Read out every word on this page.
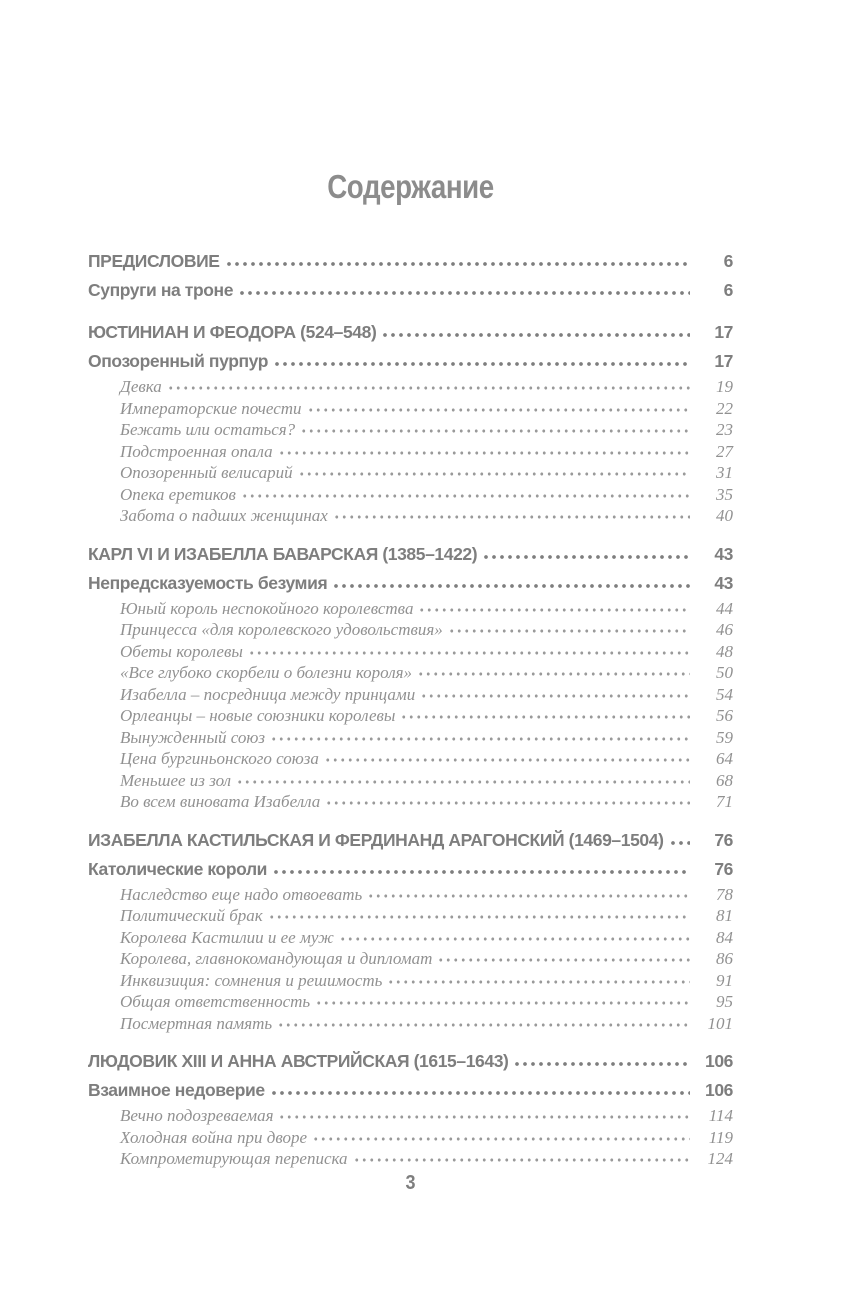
Содержание
ПРЕДИСЛОВИЕ	6
Супруги на троне	6
ЮСТИНИАН И ФЕОДОРА (524–548)	17
Опозоренный пурпур	17
Девка	19
Императорские почести	22
Бежать или остаться?	23
Подстроенная опала	27
Опозоренный велисарий	31
Опека еретиков	35
Забота о падших женщинах	40
КАРЛ VI И ИЗАБЕЛЛА БАВАРСКАЯ (1385–1422)	43
Непредсказуемость безумия	43
Юный король неспокойного королевства	44
Принцесса «для королевского удовольствия»	46
Обеты королевы	48
«Все глубоко скорбели о болезни короля»	50
Изабелла – посредница между принцами	54
Орлеанцы – новые союзники королевы	56
Вынужденный союз	59
Цена бургиньонского союза	64
Меньшее из зол	68
Во всем виновата Изабелла	71
ИЗАБЕЛЛА КАСТИЛЬСКАЯ И ФЕРДИНАНД АРАГОНСКИЙ (1469–1504)	76
Католические короли	76
Наследство еще надо отвоевать	78
Политический брак	81
Королева Кастилии и ее муж	84
Королева, главнокомандующая и дипломат	86
Инквизиция: сомнения и решимость	91
Общая ответственность	95
Посмертная память	101
ЛЮДОВИК XIII И АННА АВСТРИЙСКАЯ (1615–1643)	106
Взаимное недоверие	106
Вечно подозреваемая	114
Холодная война при дворе	119
Компрометирующая переписка	124
3
